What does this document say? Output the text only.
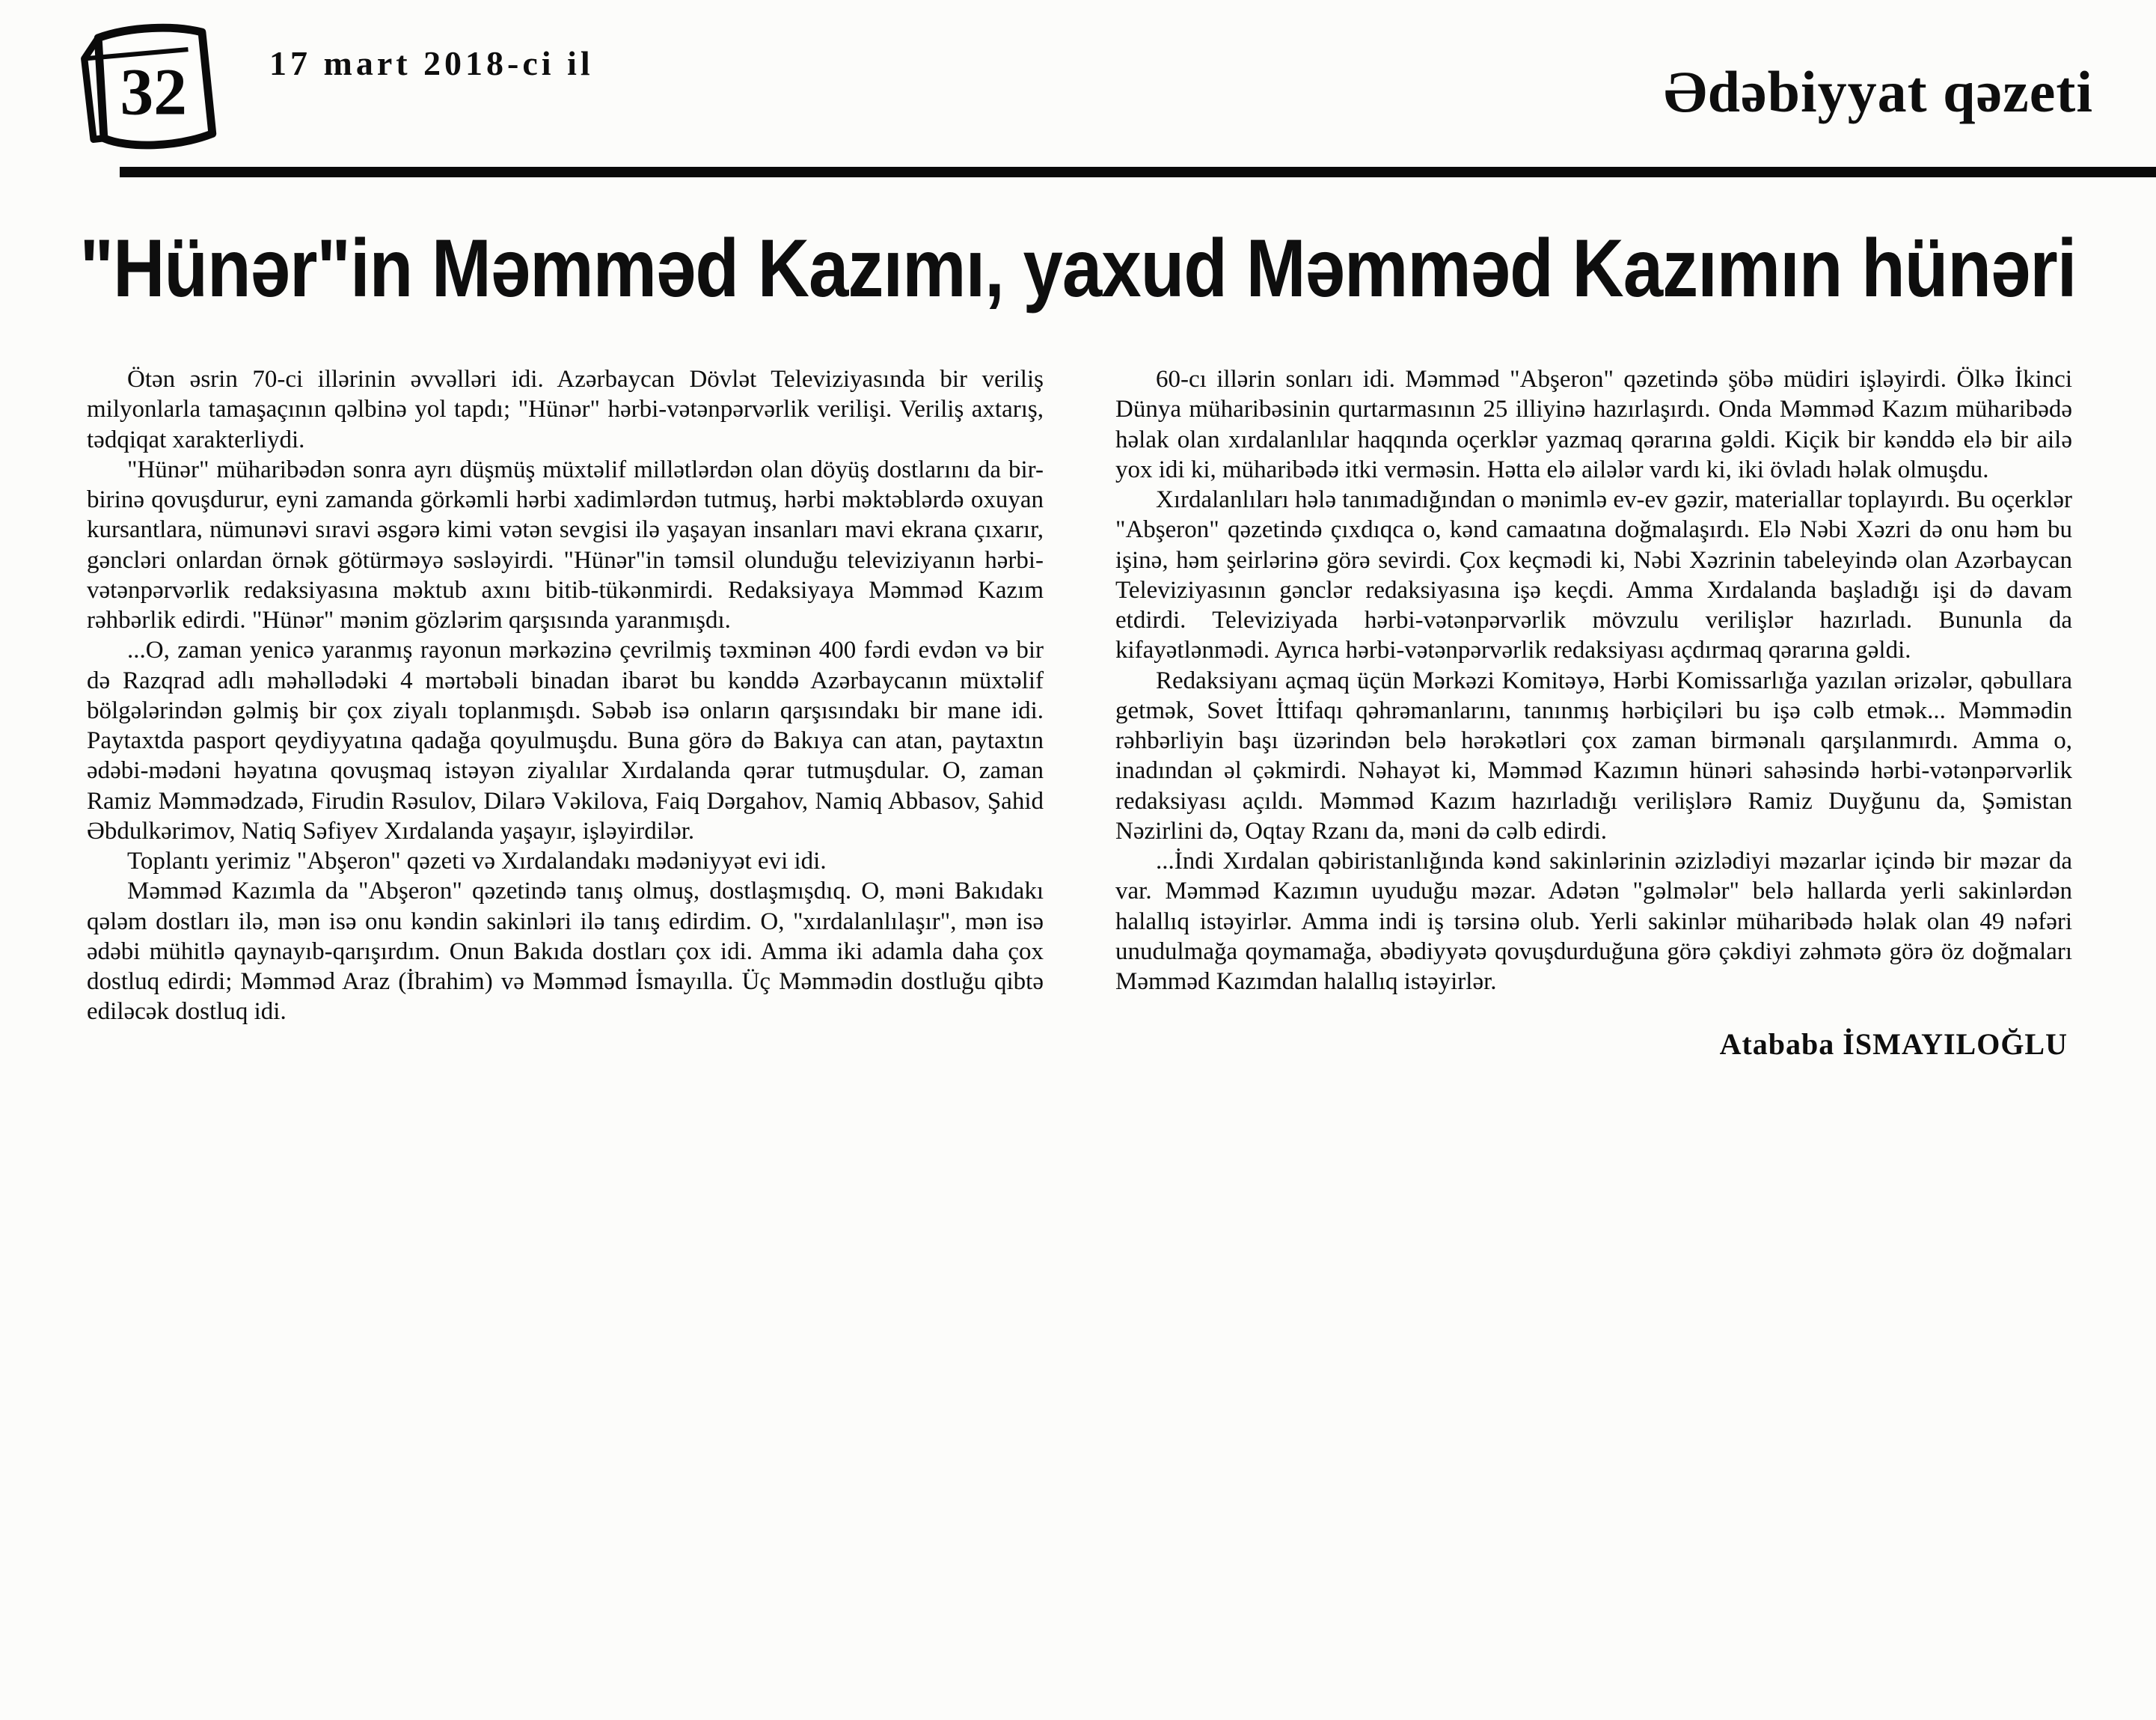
32 17 mart 2018-ci il	Ədəbiyyat qəzeti
"Hünər"in Məmməd Kazımı, yaxud Məmməd Kazımın hünəri

Ötən əsrin 70-ci illərinin əvvəlləri idi. Azərbaycan Dövlət Televiziyasında bir veriliş milyonlarla tamaşaçının qəlbinə yol tapdı; "Hünər" hərbi-vətənpərvərlik verilişi. Veriliş axtarış, tədqiqat xarakterliydi.

"Hünər" müharibədən sonra ayrı düşmüş müxtəlif millətlərdən olan döyüş dostlarını da bir-birinə qovuşdurur, eyni zamanda görkəmli hərbi xadimlərdən tutmuş, hərbi məktəblərdə oxuyan kursantlara, nümunəvi sıravi əsgərə kimi vətən sevgisi ilə yaşayan insanları mavi ekrana çıxarır, gəncləri onlardan örnək götürməyə səsləyirdi. "Hünər"in təmsil olunduğu televiziyanın hərbi-vətənpərvərlik redaksiyasına məktub axını bitib-tükənmirdi. Redaksiyaya Məmməd Kazım rəhbərlik edirdi. "Hünər" mənim gözlərim qarşısında yaranmışdı.

...O, zaman yenicə yaranmış rayonun mərkəzinə çevrilmiş təxminən 400 fərdi evdən və bir də Razqrad adlı məhəllədəki 4 mərtəbəli binadan ibarət bu kənddə Azərbaycanın müxtəlif bölgələrindən gəlmiş bir çox ziyalı toplanmışdı. Səbəb isə onların qarşısındakı bir mane idi. Paytaxtda pasport qeydiyyatına qadağa qoyulmuşdu. Buna görə də Bakıya can atan, paytaxtın ədəbi-mədəni həyatına qovuşmaq istəyən ziyalılar Xırdalanda qərar tutmuşdular. O, zaman Ramiz Məmmədzadə, Firudin Rəsulov, Dilarə Vəkilova, Faiq Dərgahov, Namiq Abbasov, Şahid Əbdulkərimov, Natiq Səfiyev Xırdalanda yaşayır, işləyirdilər.

Toplantı yerimiz "Abşeron" qəzeti və Xırdalandakı mədəniyyət evi idi.

Məmməd Kazımla da "Abşeron" qəzetində tanış olmuş, dostlaşmışdıq. O, məni Bakıdakı qələm dostları ilə, mən isə onu kəndin sakinləri ilə tanış edirdim. O, "xırdalanlılaşır", mən isə ədəbi mühitlə qaynayıb-qarışırdım. Onun Bakıda dostları çox idi. Amma iki adamla daha çox dostluq edirdi; Məmməd Araz (İbrahim) və Məmməd İsmayılla. Üç Məmmədin dostluğu qibtə ediləcək dostluq idi.

60-cı illərin sonları idi. Məmməd "Abşeron" qəzetində şöbə müdiri işləyirdi. Ölkə İkinci Dünya müharibəsinin qurtarmasının 25 illiyinə hazırlaşırdı. Onda Məmməd Kazım müharibədə həlak olan xırdalanlılar haqqında oçerklər yazmaq qərarına gəldi. Kiçik bir kənddə elə bir ailə yox idi ki, müharibədə itki verməsin. Hətta elə ailələr vardı ki, iki övladı həlak olmuşdu.

Xırdalanlıları hələ tanımadığından o mənimlə ev-ev gəzir, materiallar toplayırdı. Bu oçerklər "Abşeron" qəzetində çıxdıqca o, kənd camaatına doğmalaşırdı. Elə Nəbi Xəzri də onu həm bu işinə, həm şeirlərinə görə sevirdi. Çox keçmədi ki, Nəbi Xəzrinin tabeleyində olan Azərbaycan Televiziyasının gənclər redaksiyasına işə keçdi. Amma Xırdalanda başladığı işi də davam etdirdi. Televiziyada hərbi-vətənpərvərlik mövzulu verilişlər hazırladı. Bununla da kifayətlənmədi. Ayrıca hərbi-vətənpərvərlik redaksiyası açdırmaq qərarına gəldi.

Redaksiyanı açmaq üçün Mərkəzi Komitəyə, Hərbi Komissarlığa yazılan ərizələr, qəbullara getmək, Sovet İttifaqı qəhrəmanlarını, tanınmış hərbiçiləri bu işə cəlb etmək... Məmmədin rəhbərliyin başı üzərindən belə hərəkətləri çox zaman birmənalı qarşılanmırdı. Amma o, inadından əl çəkmirdi. Nəhayət ki, Məmməd Kazımın hünəri sahəsində hərbi-vətənpərvərlik redaksiyası açıldı. Məmməd Kazım hazırladığı verilişlərə Ramiz Duyğunu da, Şəmistan Nəzirlini də, Oqtay Rzanı da, məni də cəlb edirdi.

...İndi Xırdalan qəbiristanlığında kənd sakinlərinin əzizlədiyi məzarlar içində bir məzar da var. Məmməd Kazımın uyuduğu məzar. Adətən "gəlmələr" belə hallarda yerli sakinlərdən halallıq istəyirlər. Amma indi iş tərsinə olub. Yerli sakinlər müharibədə həlak olan 49 nəfəri unudulmağa qoymamağa, əbədiyyətə qovuşdurduğuna görə çəkdiyi zəhmətə görə öz doğmaları Məmməd Kazımdan halallıq istəyirlər.

Atababa İSMAYILOĞLU
